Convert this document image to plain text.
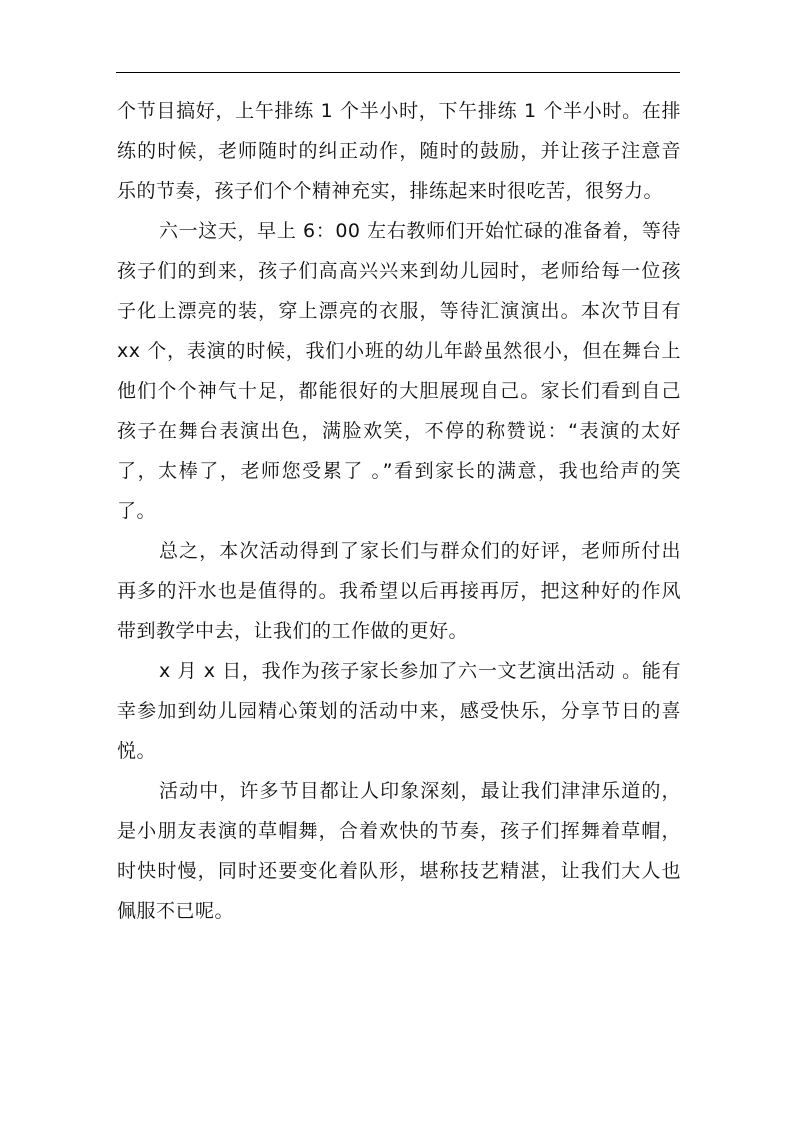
个节目搞好，上午排练 1 个半小时，下午排练 1 个半小时。在排练的时候，老师随时的纠正动作，随时的鼓励，并让孩子注意音乐的节奏，孩子们个个精神充实，排练起来时很吃苦，很努力。

六一这天，早上 6：00 左右教师们开始忙碌的准备着，等待孩子们的到来，孩子们高高兴兴来到幼儿园时，老师给每一位孩子化上漂亮的装，穿上漂亮的衣服，等待汇演演出。本次节目有 xx 个，表演的时候，我们小班的幼儿年龄虽然很小，但在舞台上他们个个神气十足，都能很好的大胆展现自己。家长们看到自己孩子在舞台表演出色，满脸欢笑，不停的称赞说：“表演的太好了，太棒了，老师您受累了 。”看到家长的满意，我也给声的笑了。

总之，本次活动得到了家长们与群众们的好评，老师所付出再多的汗水也是值得的。我希望以后再接再厉，把这种好的作风带到教学中去，让我们的工作做的更好。

x 月 x 日，我作为孩子家长参加了六一文艺演出活动 。能有幸参加到幼儿园精心策划的活动中来，感受快乐，分享节日的喜悦。

活动中，许多节目都让人印象深刻，最让我们津津乐道的，是小朋友表演的草帽舞，合着欢快的节奏，孩子们挥舞着草帽，时快时慢，同时还要变化着队形，堪称技艺精湛，让我们大人也佩服不已呢。
